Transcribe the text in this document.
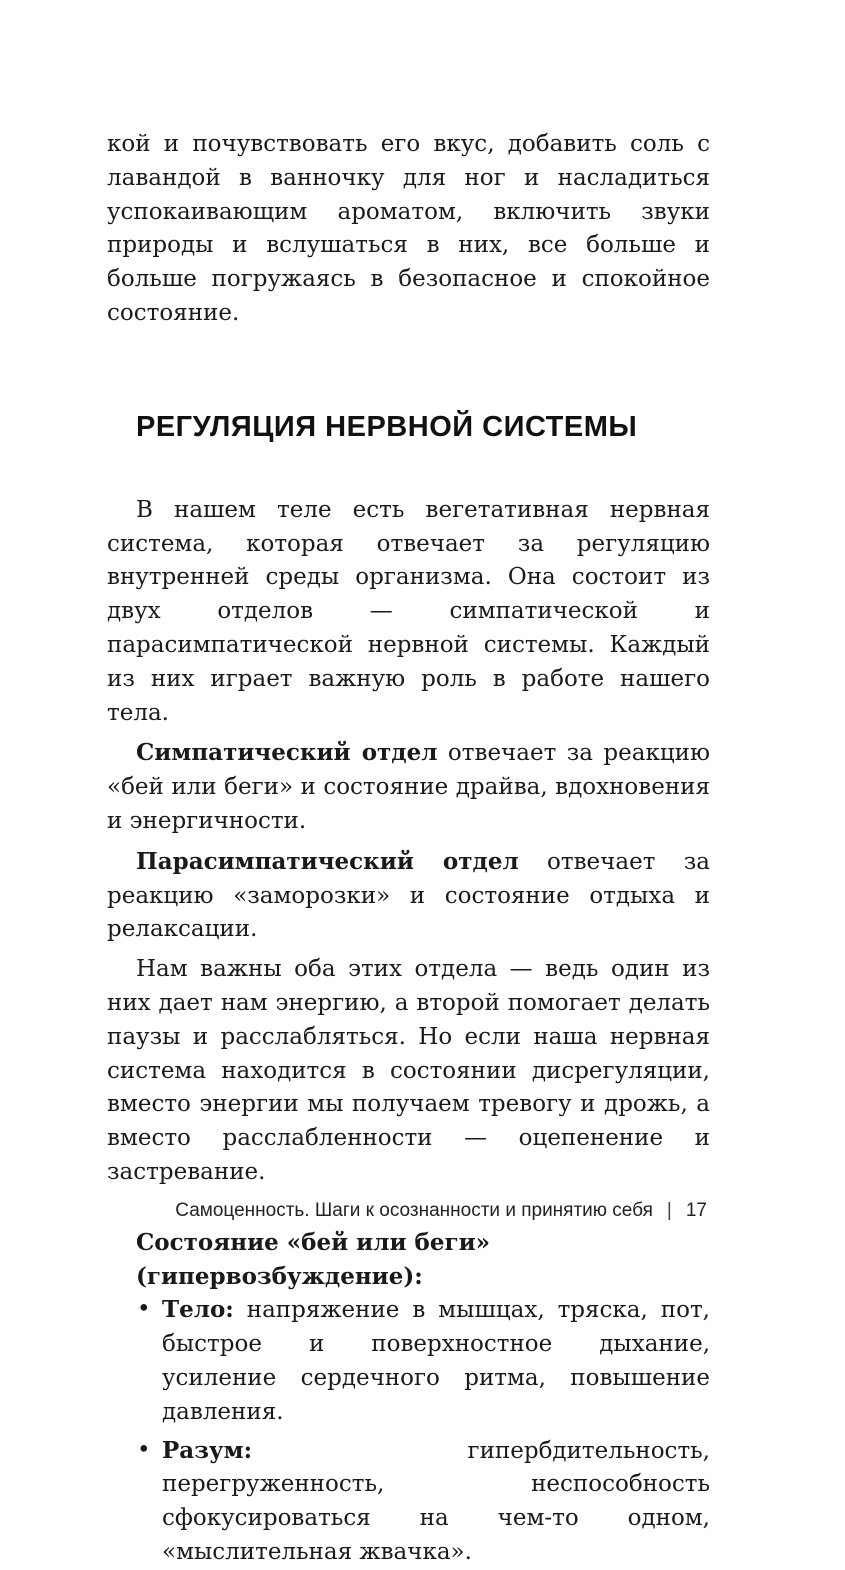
кой и почувствовать его вкус, добавить соль с лавандой в ванночку для ног и насладиться успокаивающим ароматом, включить звуки природы и вслушаться в них, все больше и больше погружаясь в безопасное и спокойное состояние.

РЕГУЛЯЦИЯ НЕРВНОЙ СИСТЕМЫ

В нашем теле есть вегетативная нервная система, которая отвечает за регуляцию внутренней среды организма. Она состоит из двух отделов — симпатической и парасимпатической нервной системы. Каждый из них играет важную роль в работе нашего тела.

Симпатический отдел отвечает за реакцию «бей или беги» и состояние драйва, вдохновения и энергичности.

Парасимпатический отдел отвечает за реакцию «заморозки» и состояние отдыха и релаксации.

Нам важны оба этих отдела — ведь один из них дает нам энергию, а второй помогает делать паузы и расслабляться. Но если наша нервная система находится в состоянии дисрегуляции, вместо энергии мы получаем тревогу и дрожь, а вместо расслабленности — оцепенение и застревание.

Состояние «бей или беги» (гипервозбуждение):
• Тело: напряжение в мышцах, тряска, пот, быстрое и поверхностное дыхание, усиление сердечного ритма, повышение давления.
• Разум: гипербдительность, перегруженность, неспособность сфокусироваться на чем-то одном, «мыслительная жвачка».
Самоценность. Шаги к осознанности и принятию себя | 17
